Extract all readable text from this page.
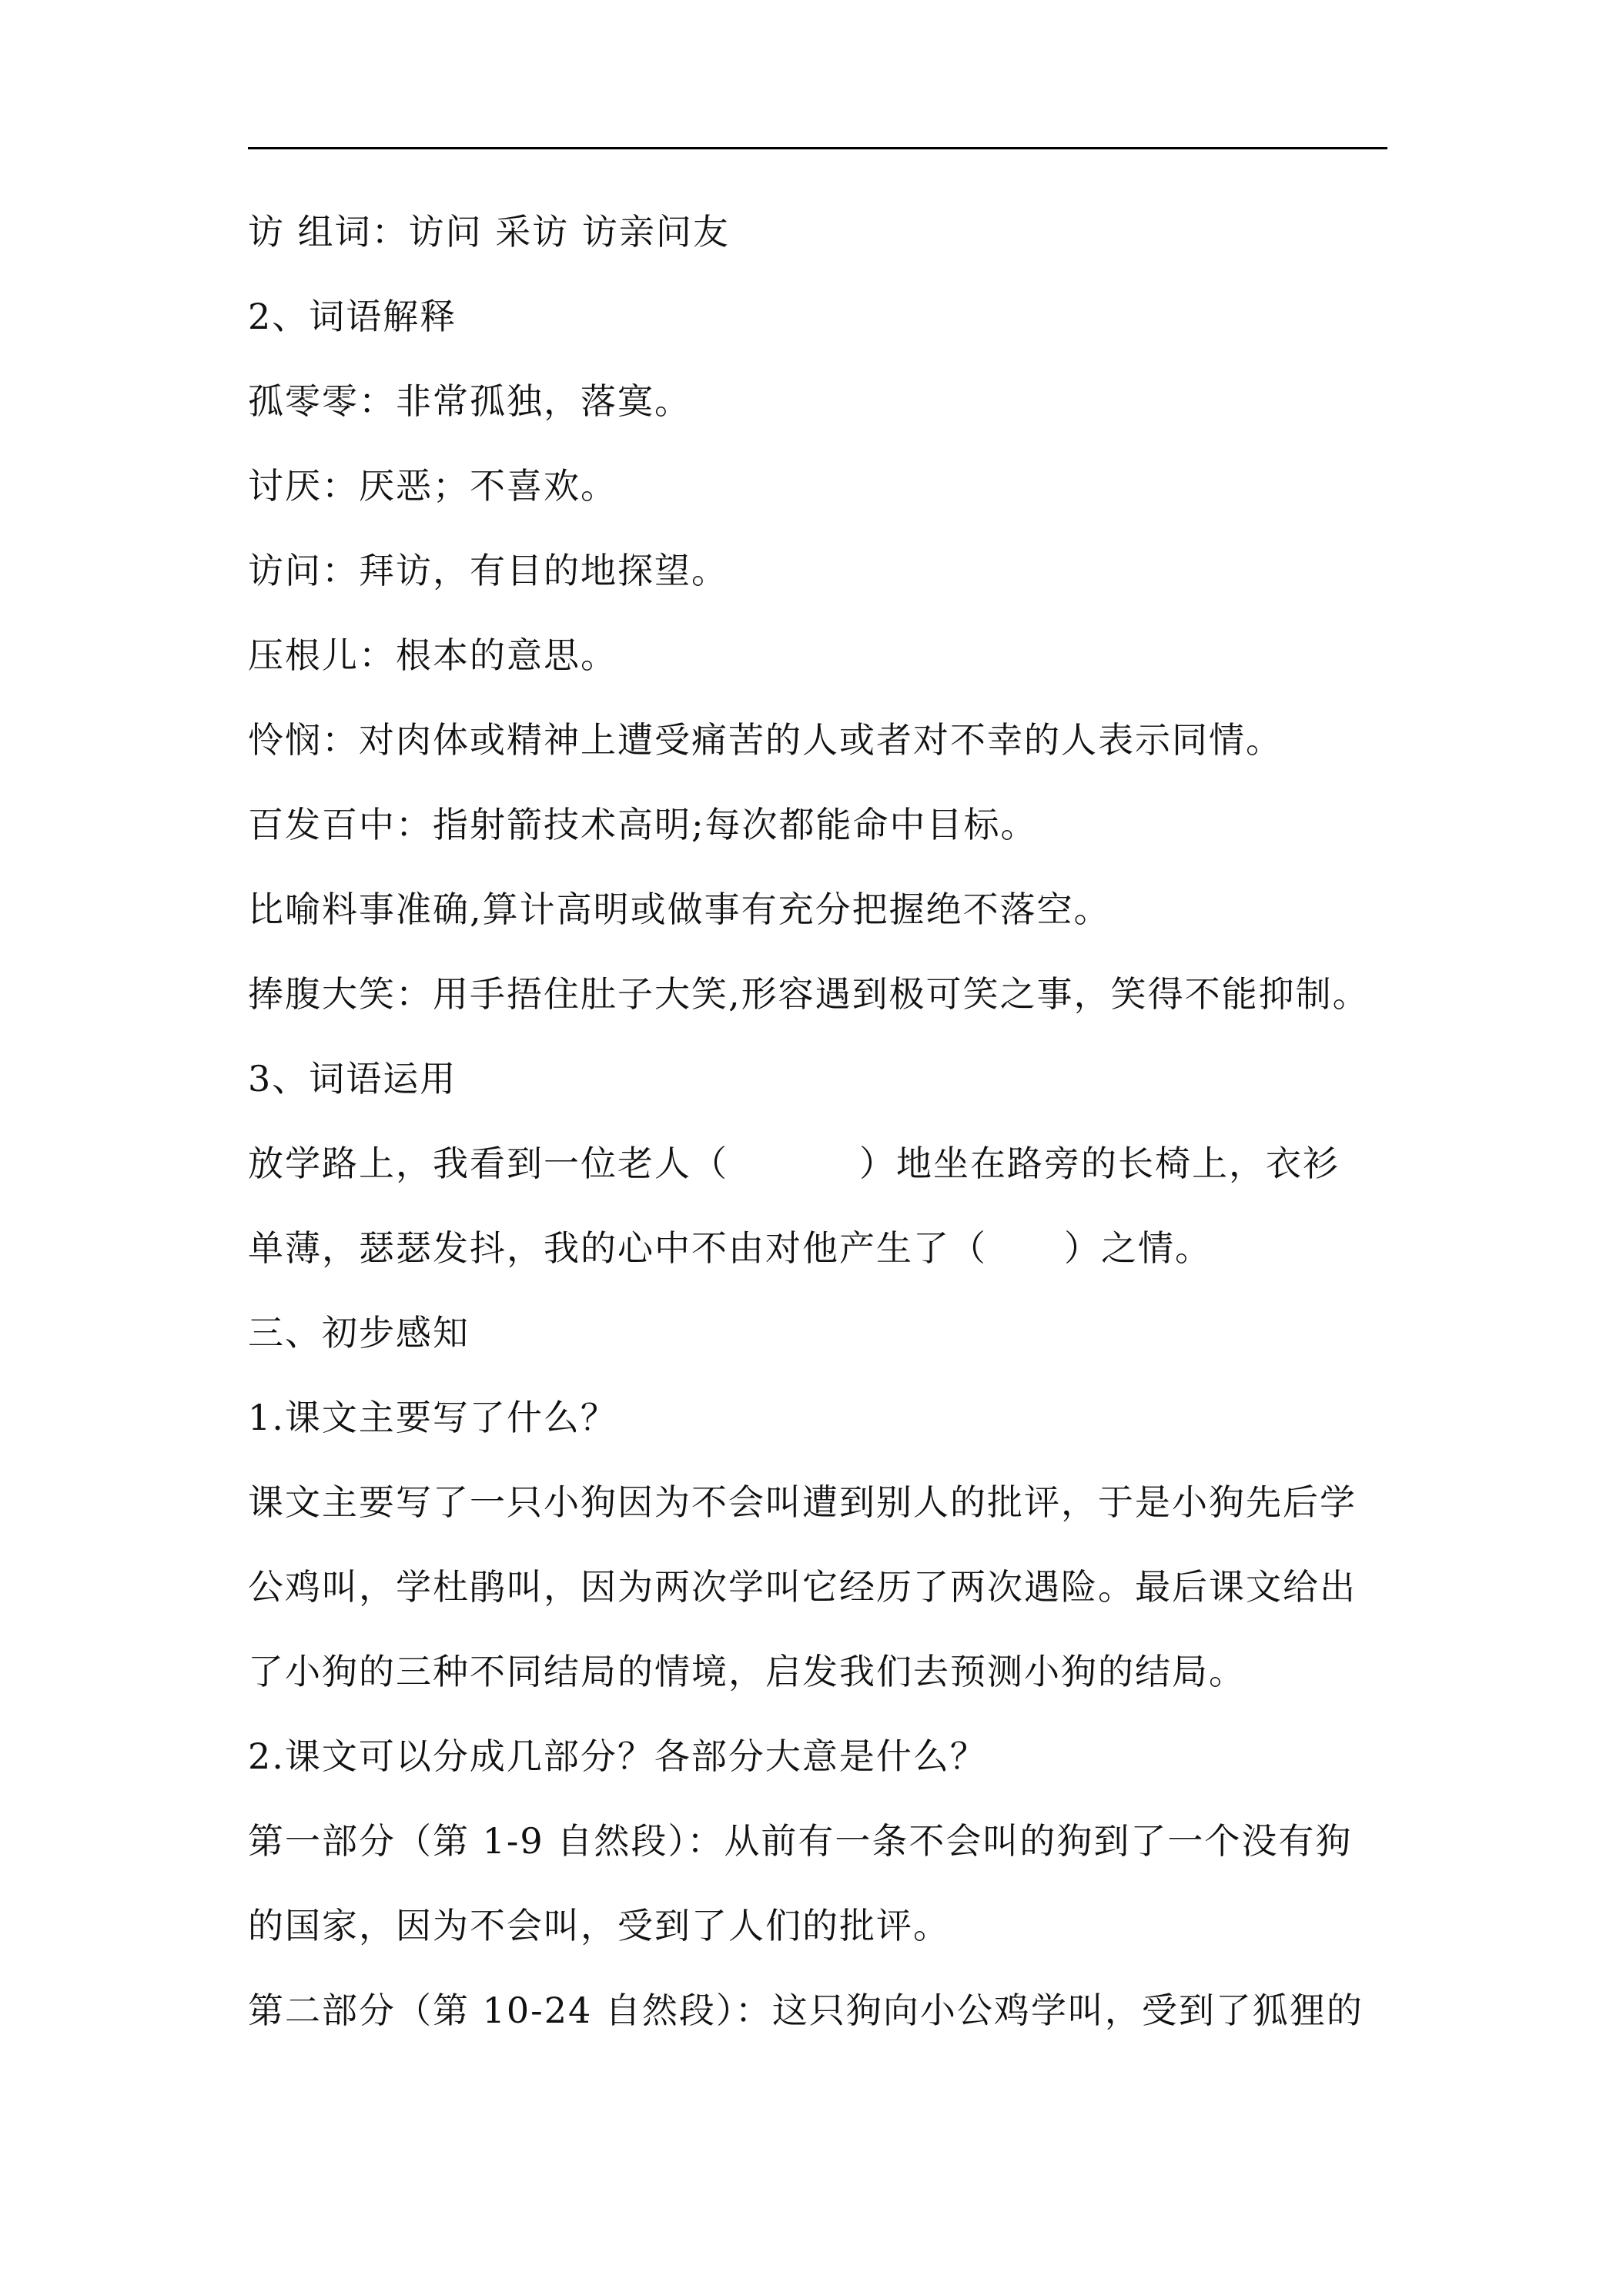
访 组词：访问 采访 访亲问友
2、词语解释
孤零零：非常孤独，落寞。
讨厌：厌恶；不喜欢。
访问：拜访，有目的地探望。
压根儿：根本的意思。
怜悯：对肉体或精神上遭受痛苦的人或者对不幸的人表示同情。
百发百中：指射箭技术高明;每次都能命中目标。
比喻料事准确,算计高明或做事有充分把握绝不落空。
捧腹大笑：用手捂住肚子大笑,形容遇到极可笑之事，笑得不能抑制。
3、词语运用
放学路上，我看到一位老人（	）地坐在路旁的长椅上，衣衫
单薄，瑟瑟发抖，我的心中不由对他产生了（ ）之情。
三、初步感知
1.课文主要写了什么？
课文主要写了一只小狗因为不会叫遭到别人的批评，于是小狗先后学
公鸡叫，学杜鹃叫，因为两次学叫它经历了两次遇险。最后课文给出
了小狗的三种不同结局的情境，启发我们去预测小狗的结局。
2.课文可以分成几部分？各部分大意是什么？
第一部分（第 1-9 自然段）：从前有一条不会叫的狗到了一个没有狗
的国家，因为不会叫，受到了人们的批评。
第二部分（第 10-24 自然段）：这只狗向小公鸡学叫，受到了狐狸的
